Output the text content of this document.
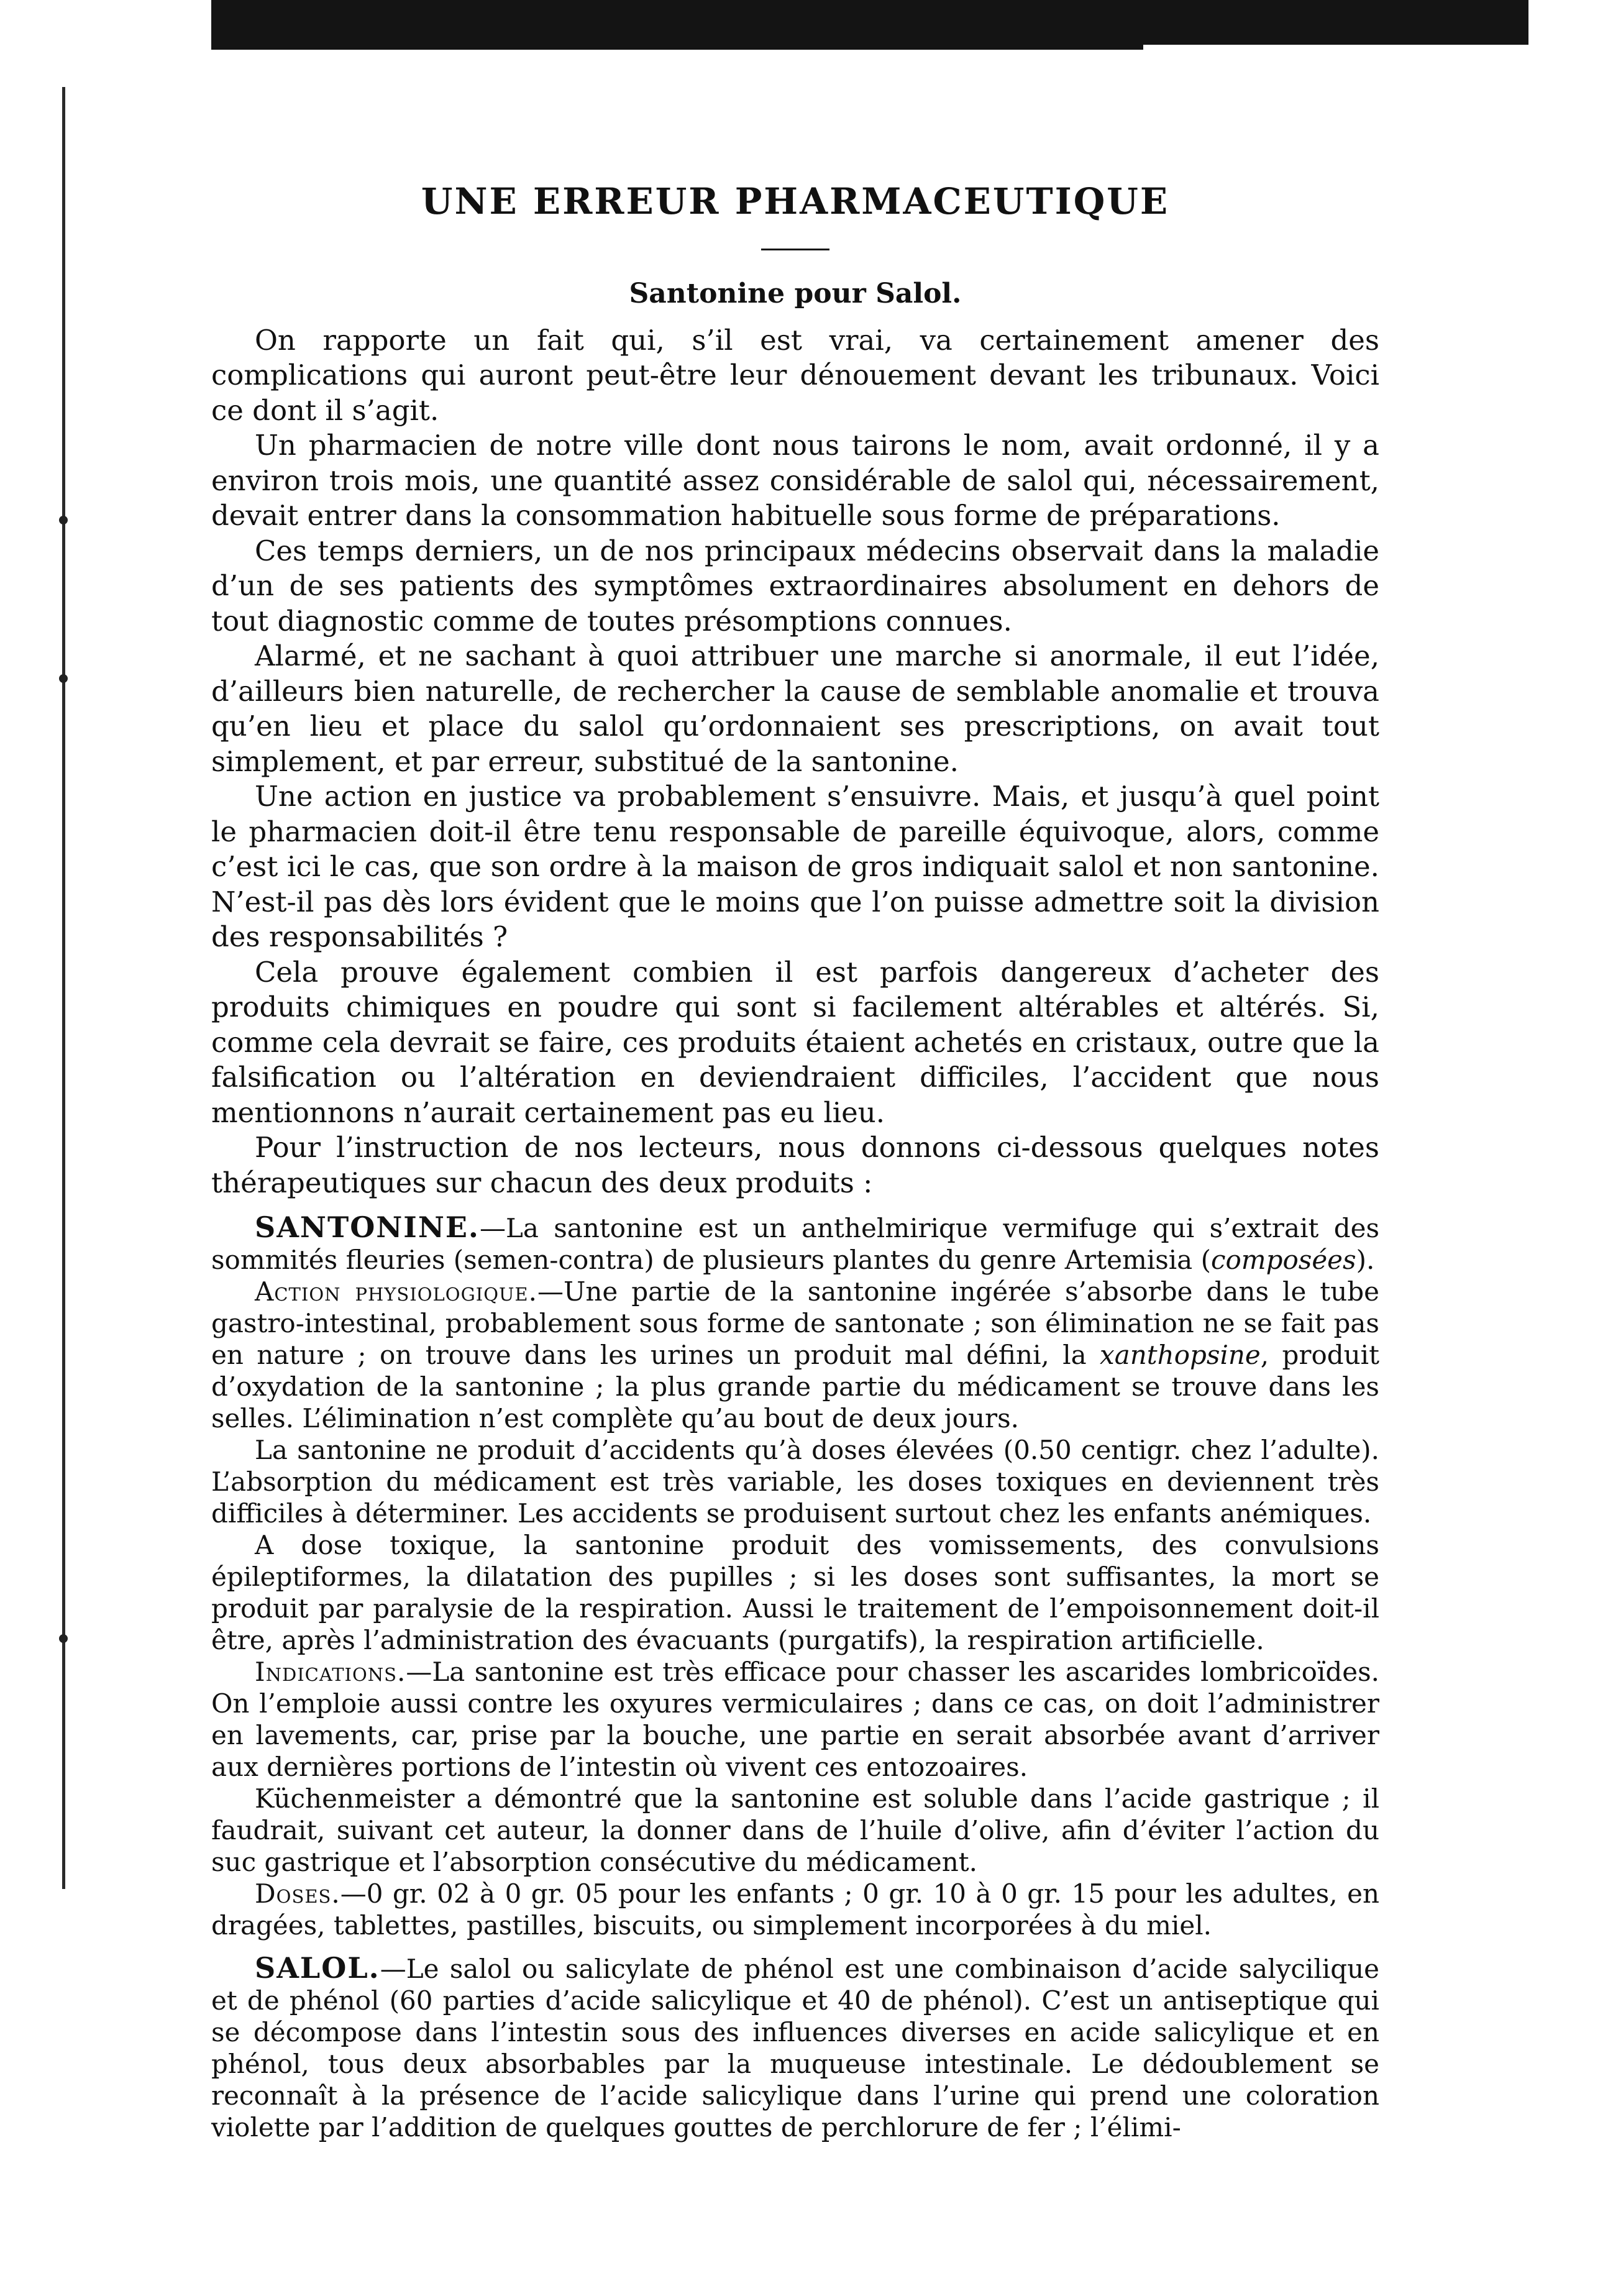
UNE ERREUR PHARMACEUTIQUE
Santonine pour Salol.

On rapporte un fait qui, s’il est vrai, va certainement amener des complications qui auront peut-être leur dénouement devant les tribunaux. Voici ce dont il s’agit.

Un pharmacien de notre ville dont nous tairons le nom, avait ordonné, il y a environ trois mois, une quantité assez considérable de salol qui, nécessairement, devait entrer dans la consommation habituelle sous forme de préparations.

Ces temps derniers, un de nos principaux médecins observait dans la maladie d’un de ses patients des symptômes extraordinaires absolument en dehors de tout diagnostic comme de toutes présomptions connues.

Alarmé, et ne sachant à quoi attribuer une marche si anormale, il eut l’idée, d’ailleurs bien naturelle, de rechercher la cause de semblable anomalie et trouva qu’en lieu et place du salol qu’ordonnaient ses prescriptions, on avait tout simplement, et par erreur, substitué de la santonine.

Une action en justice va probablement s’ensuivre. Mais, et jusqu’à quel point le pharmacien doit-il être tenu responsable de pareille équivoque, alors, comme c’est ici le cas, que son ordre à la maison de gros indiquait salol et non santonine. N’est-il pas dès lors évident que le moins que l’on puisse admettre soit la division des responsabilités ?

Cela prouve également combien il est parfois dangereux d’acheter des produits chimiques en poudre qui sont si facilement altérables et altérés. Si, comme cela devrait se faire, ces produits étaient achetés en cristaux, outre que la falsification ou l’altération en deviendraient difficiles, l’accident que nous mentionnons n’aurait certainement pas eu lieu.

Pour l’instruction de nos lecteurs, nous donnons ci-dessous quelques notes thérapeutiques sur chacun des deux produits :

SANTONINE.—La santonine est un anthelmirique vermifuge qui s’extrait des sommités fleuries (semen-contra) de plusieurs plantes du genre Artemisia (composées).

Action physiologique.—Une partie de la santonine ingérée s’absorbe dans le tube gastro-intestinal, probablement sous forme de santonate ; son élimination ne se fait pas en nature ; on trouve dans les urines un produit mal défini, la xanthopsine, produit d’oxydation de la santonine ; la plus grande partie du médicament se trouve dans les selles. L’élimination n’est complète qu’au bout de deux jours.

La santonine ne produit d’accidents qu’à doses élevées (0.50 centigr. chez l’adulte). L’absorption du médicament est très variable, les doses toxiques en deviennent très difficiles à déterminer. Les accidents se produisent surtout chez les enfants anémiques.

A dose toxique, la santonine produit des vomissements, des convulsions épileptiformes, la dilatation des pupilles ; si les doses sont suffisantes, la mort se produit par paralysie de la respiration. Aussi le traitement de l’empoisonnement doit-il être, après l’administration des évacuants (purgatifs), la respiration artificielle.

Indications.—La santonine est très efficace pour chasser les ascarides lombricoïdes. On l’emploie aussi contre les oxyures vermiculaires ; dans ce cas, on doit l’administrer en lavements, car, prise par la bouche, une partie en serait absorbée avant d’arriver aux dernières portions de l’intestin où vivent ces entozoaires.

Küchenmeister a démontré que la santonine est soluble dans l’acide gastrique ; il faudrait, suivant cet auteur, la donner dans de l’huile d’olive, afin d’éviter l’action du suc gastrique et l’absorption consécutive du médicament.

Doses.—0 gr. 02 à 0 gr. 05 pour les enfants ; 0 gr. 10 à 0 gr. 15 pour les adultes, en dragées, tablettes, pastilles, biscuits, ou simplement incorporées à du miel.

SALOL.—Le salol ou salicylate de phénol est une combinaison d’acide salycilique et de phénol (60 parties d’acide salicylique et 40 de phénol). C’est un antiseptique qui se décompose dans l’intestin sous des influences diverses en acide salicylique et en phénol, tous deux absorbables par la muqueuse intestinale. Le dédoublement se reconnaît à la présence de l’acide salicylique dans l’urine qui prend une coloration violette par l’addition de quelques gouttes de perchlorure de fer ; l’élimi-
